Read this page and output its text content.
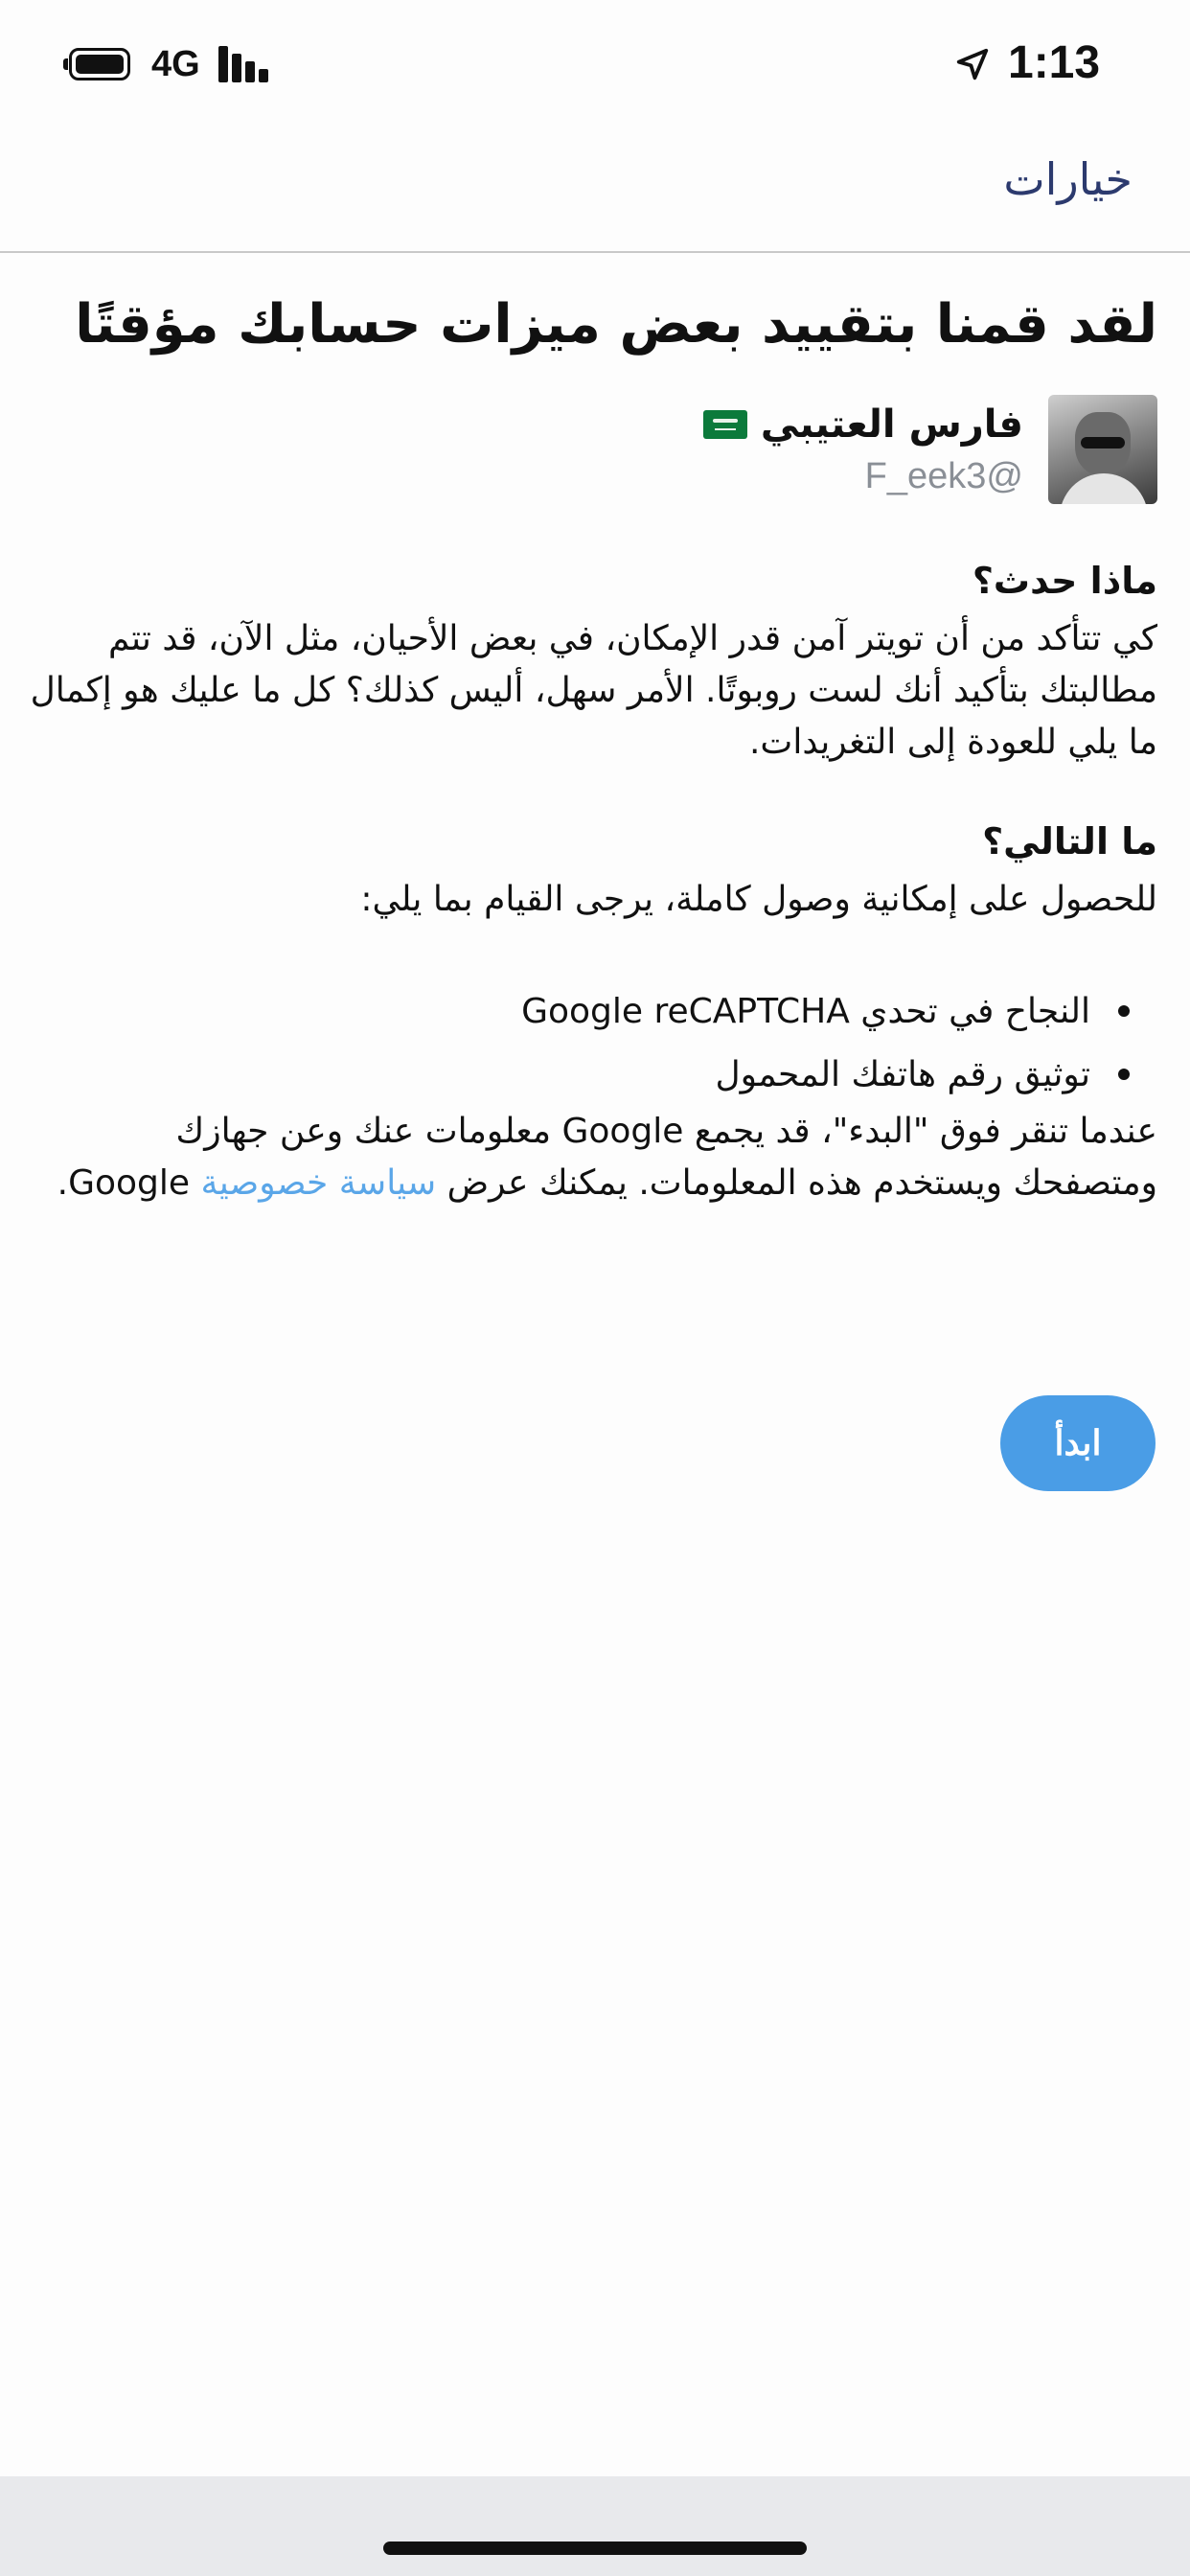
4G	1:13
خيارات
لقد قمنا بتقييد بعض ميزات حسابك مؤقتًا
فارس العتيبي
F_eek3@
ماذا حدث؟

كي تتأكد من أن تويتر آمن قدر الإمكان، في بعض الأحيان، مثل الآن، قد تتم مطالبتك بتأكيد أنك لست روبوتًا. الأمر سهل، أليس كذلك؟ كل ما عليك هو إكمال ما يلي للعودة إلى التغريدات.

ما التالي؟

للحصول على إمكانية وصول كاملة، يرجى القيام بما يلي:

• النجاح في تحدي Google reCAPTCHA
• توثيق رقم هاتفك المحمول

عندما تنقر فوق "البدء"، قد يجمع Google معلومات عنك وعن جهازك ومتصفحك ويستخدم هذه المعلومات. يمكنك عرض سياسة خصوصية Google.

ابدأ
